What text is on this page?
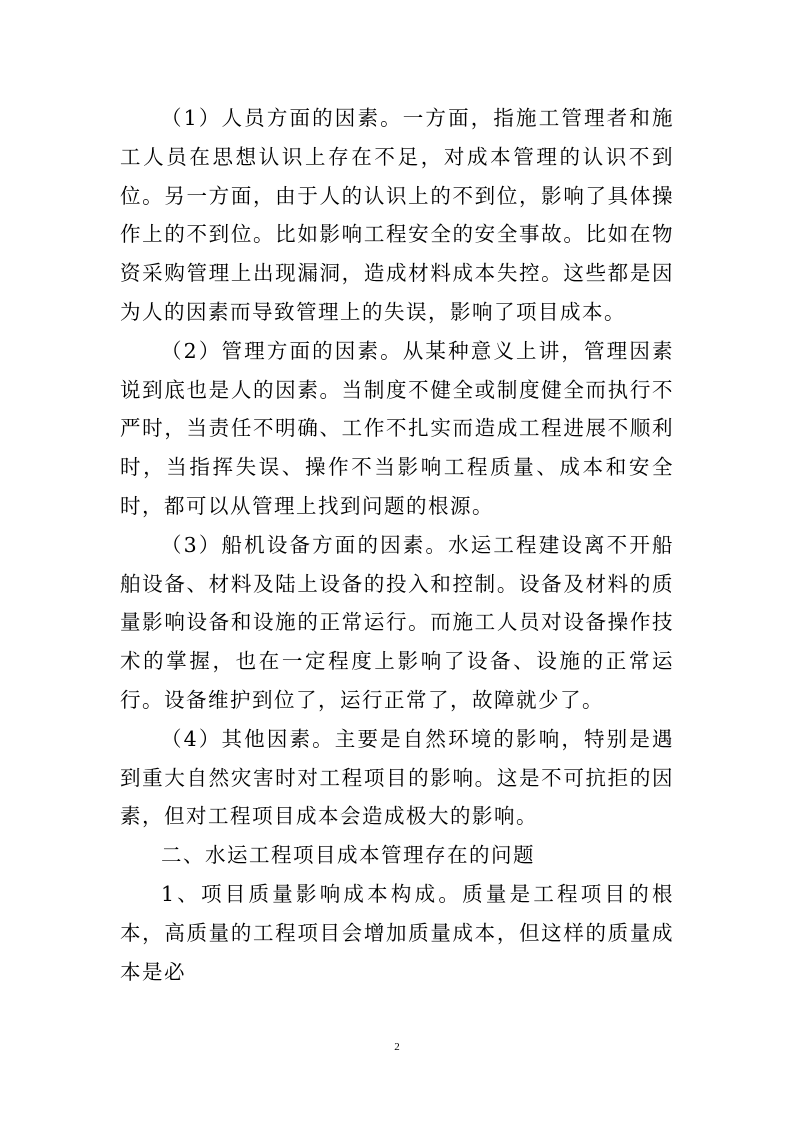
（1）人员方面的因素。一方面，指施工管理者和施工人员在思想认识上存在不足，对成本管理的认识不到位。另一方面，由于人的认识上的不到位，影响了具体操作上的不到位。比如影响工程安全的安全事故。比如在物资采购管理上出现漏洞，造成材料成本失控。这些都是因为人的因素而导致管理上的失误，影响了项目成本。

（2）管理方面的因素。从某种意义上讲，管理因素说到底也是人的因素。当制度不健全或制度健全而执行不严时，当责任不明确、工作不扎实而造成工程进展不顺利时，当指挥失误、操作不当影响工程质量、成本和安全时，都可以从管理上找到问题的根源。

（3）船机设备方面的因素。水运工程建设离不开船舶设备、材料及陆上设备的投入和控制。设备及材料的质量影响设备和设施的正常运行。而施工人员对设备操作技术的掌握，也在一定程度上影响了设备、设施的正常运行。设备维护到位了，运行正常了，故障就少了。

（4）其他因素。主要是自然环境的影响，特别是遇到重大自然灾害时对工程项目的影响。这是不可抗拒的因素，但对工程项目成本会造成极大的影响。

二、水运工程项目成本管理存在的问题

1、项目质量影响成本构成。质量是工程项目的根本，高质量的工程项目会增加质量成本，但这样的质量成本是必

2
